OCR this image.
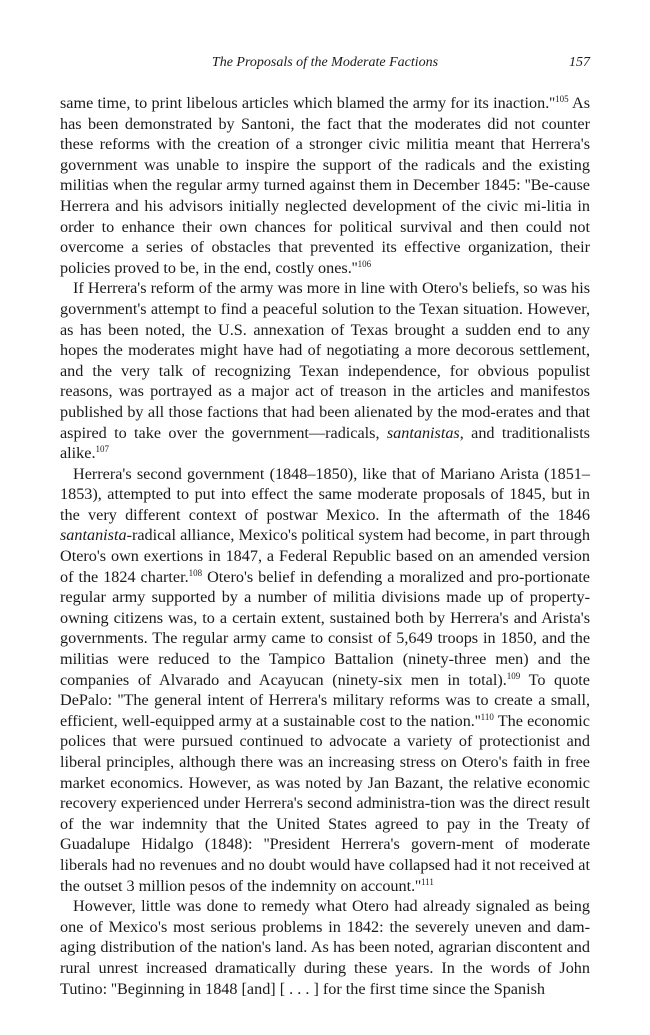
The Proposals of the Moderate Factions	157

same time, to print libelous articles which blamed the army for its $inaction.''^{105}$ As has been demonstrated by Santoni, the fact that the moderates did not counter these reforms with the creation of a stronger civic militia meant that Herrera's government was unable to inspire the support of the radicals and the existing militias when the regular army turned against them in December 1845: ''Be-cause Herrera and his advisors initially neglected development of the civic mi-litia in order to enhance their own chances for political survival and then could not overcome a series of obstacles that prevented its effective organization, their policies proved to be, in the end, costly $ones.''^{106}$

If Herrera's reform of the army was more in line with Otero's beliefs, so was his government's attempt to find a peaceful solution to the Texan situation. However, as has been noted, the U.S. annexation of Texas brought a sudden end to any hopes the moderates might have had of negotiating a more decorous settlement, and the very talk of recognizing Texan independence, for obvious populist reasons, was portrayed as a major act of treason in the articles and manifestos published by all those factions that had been alienated by the mod-erates and that aspired to take over the government—radicals, santanistas, and traditionalists alike.$^{107}$

Herrera's second government (1848–1850), like that of Mariano Arista (1851–1853), attempted to put into effect the same moderate proposals of 1845, but in the very different context of postwar Mexico. In the aftermath of the 1846 santanista-radical alliance, Mexico's political system had become, in part through Otero's own exertions in 1847, a Federal Republic based on an amended version of the 1824 charter.$^{108}$ Otero's belief in defending a moralized and pro-portionate regular army supported by a number of militia divisions made up of property-owning citizens was, to a certain extent, sustained both by Herrera's and Arista's governments. The regular army came to consist of 5,649 troops in 1850, and the militias were reduced to the Tampico Battalion (ninety-three men) and the companies of Alvarado and Acayucan (ninety-six men in total).$^{109}$ To quote DePalo: ''The general intent of Herrera's military reforms was to create a small, efficient, well-equipped army at a sustainable cost to the $nation.''^{110}$ The economic polices that were pursued continued to advocate a variety of protectionist and liberal principles, although there was an increasing stress on Otero's faith in free market economics. However, as was noted by Jan Bazant, the relative economic recovery experienced under Herrera's second administra-tion was the direct result of the war indemnity that the United States agreed to pay in the Treaty of Guadalupe Hidalgo (1848): ''President Herrera's govern-ment of moderate liberals had no revenues and no doubt would have collapsed had it not received at the outset 3 million pesos of the indemnity on $account.''^{111}$

However, little was done to remedy what Otero had already signaled as being one of Mexico's most serious problems in 1842: the severely uneven and dam-aging distribution of the nation's land. As has been noted, agrarian discontent and rural unrest increased dramatically during these years. In the words of John Tutino: ''Beginning in 1848 [and] [ . . . ] for the first time since the Spanish
